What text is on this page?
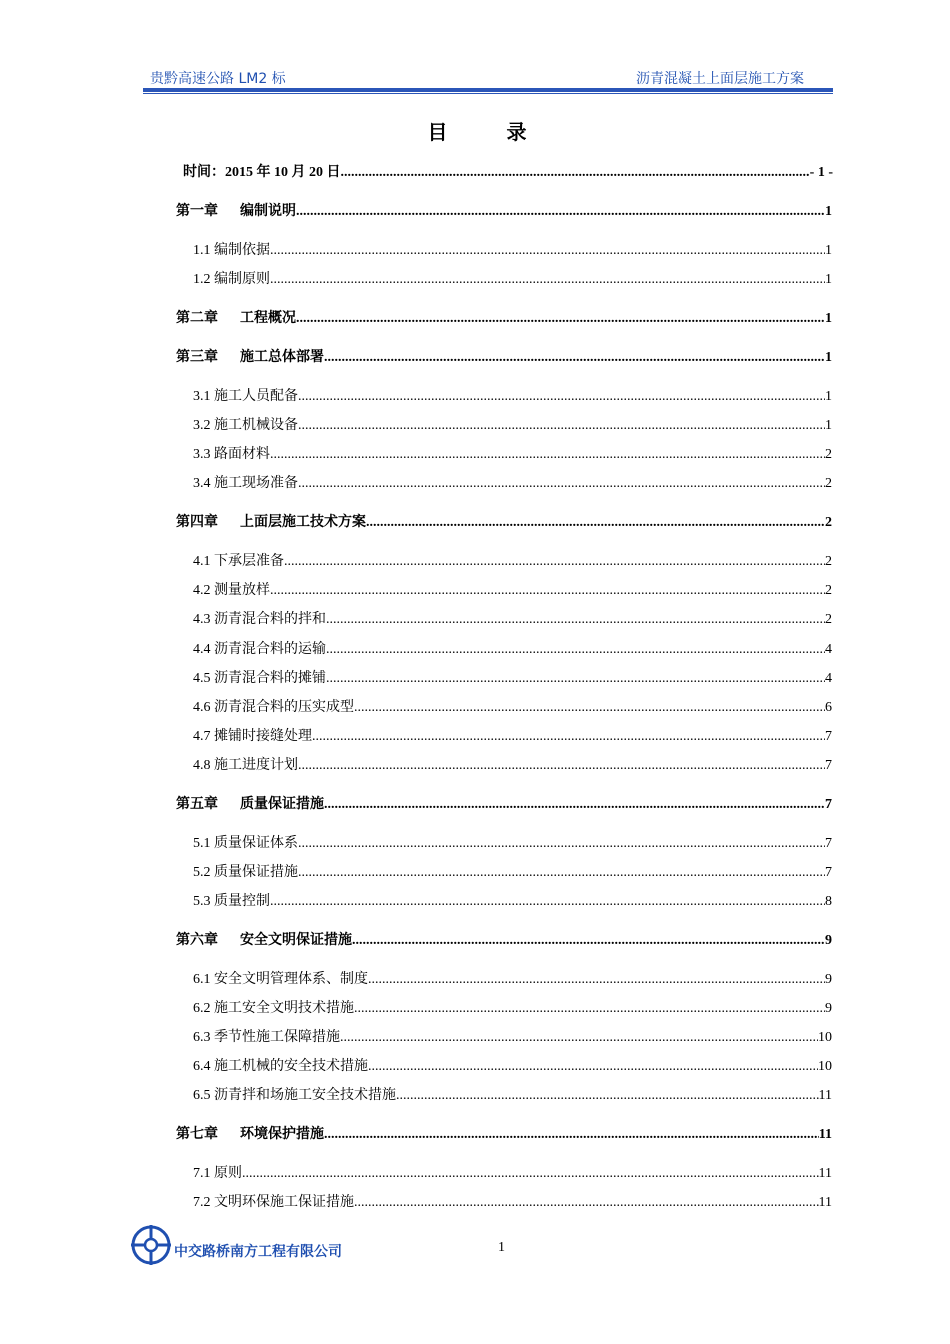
贵黔高速公路 LM2 标	沥青混凝土上面层施工方案
目 录
时间：2015 年 10 月 20 日 .....	- 1 -
第一章 编制说明 .....	1
1.1 编制依据 .....	1
1.2 编制原则 .....	1
第二章 工程概况 .....	1
第三章 施工总体部署 .....	1
3.1 施工人员配备 .....	1
3.2 施工机械设备 .....	1
3.3 路面材料 .....	2
3.4 施工现场准备 .....	2
第四章 上面层施工技术方案 .....	2
4.1 下承层准备 .....	2
4.2 测量放样 .....	2
4.3 沥青混合料的拌和 .....	2
4.4 沥青混合料的运输 .....	4
4.5 沥青混合料的摊铺 .....	4
4.6 沥青混合料的压实成型 .....	6
4.7 摊铺时接缝处理 .....	7
4.8 施工进度计划 .....	7
第五章 质量保证措施 .....	7
5.1 质量保证体系 .....	7
5.2 质量保证措施 .....	7
5.3 质量控制 .....	8
第六章 安全文明保证措施 .....	9
6.1 安全文明管理体系、制度 .....	9
6.2 施工安全文明技术措施 .....	9
6.3 季节性施工保障措施 .....	10
6.4 施工机械的安全技术措施 .....	10
6.5 沥青拌和场施工安全技术措施 .....	11
第七章 环境保护措施 .....	11
7.1 原则 .....	11
7.2 文明环保施工保证措施 .....	11
中交路桥南方工程有限公司	1
